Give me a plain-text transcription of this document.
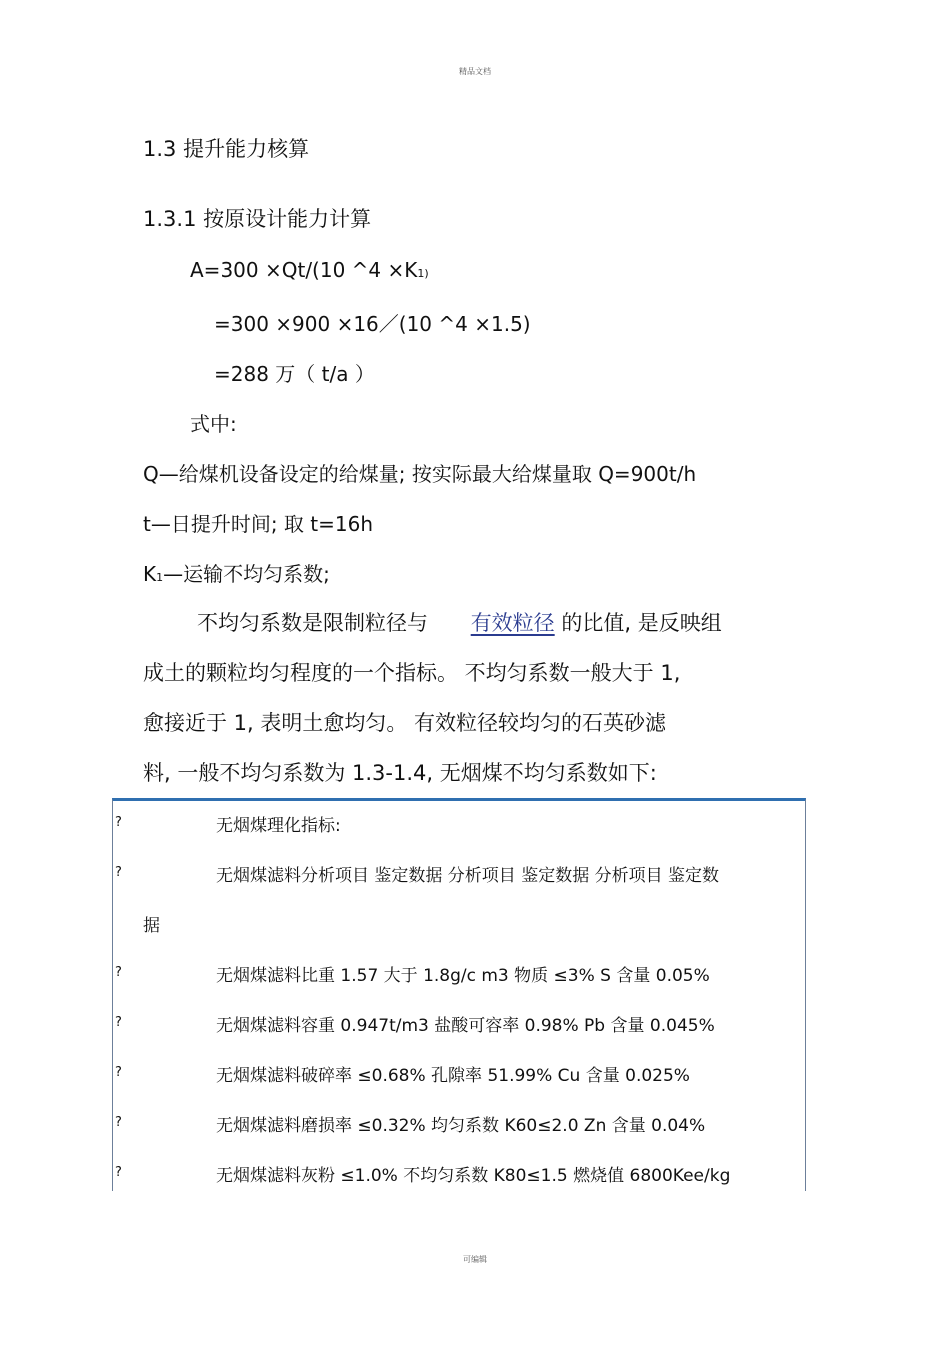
精品文档
1.3 提升能力核算
1.3.1 按原设计能力计算
A=300 ×Qt/(10 ^4 ×K1)
=300 ×900 ×16／(10 ^4 ×1.5)
=288 万（ t/a ）
式中:
Q—给煤机设备设定的给煤量; 按实际最大给煤量取 Q=900t/h
t—日提升时间; 取 t=16h
K1—运输不均匀系数;
不均匀系数是限制粒径与 有效粒径 的比值, 是反映组
成土的颗粒均匀程度的一个指标。 不均匀系数一般大于 1,
愈接近于 1, 表明土愈均匀。 有效粒径较均匀的石英砂滤
料, 一般不均匀系数为 1.3-1.4, 无烟煤不均匀系数如下:
?	无烟煤理化指标:
?	无烟煤滤料分析项目 鉴定数据 分析项目 鉴定数据 分析项目 鉴定数
据
?	无烟煤滤料比重 1.57 大于 1.8g/c m3 物质 ≤3% S 含量 0.05%
?	无烟煤滤料容重 0.947t/m3 盐酸可容率 0.98% Pb 含量 0.045%
?	无烟煤滤料破碎率 ≤0.68% 孔隙率 51.99% Cu 含量 0.025%
?	无烟煤滤料磨损率 ≤0.32% 均匀系数 K60≤2.0 Zn 含量 0.04%
?	无烟煤滤料灰粉 ≤1.0% 不均匀系数 K80≤1.5 燃烧值 6800Kee/kg
可编辑
